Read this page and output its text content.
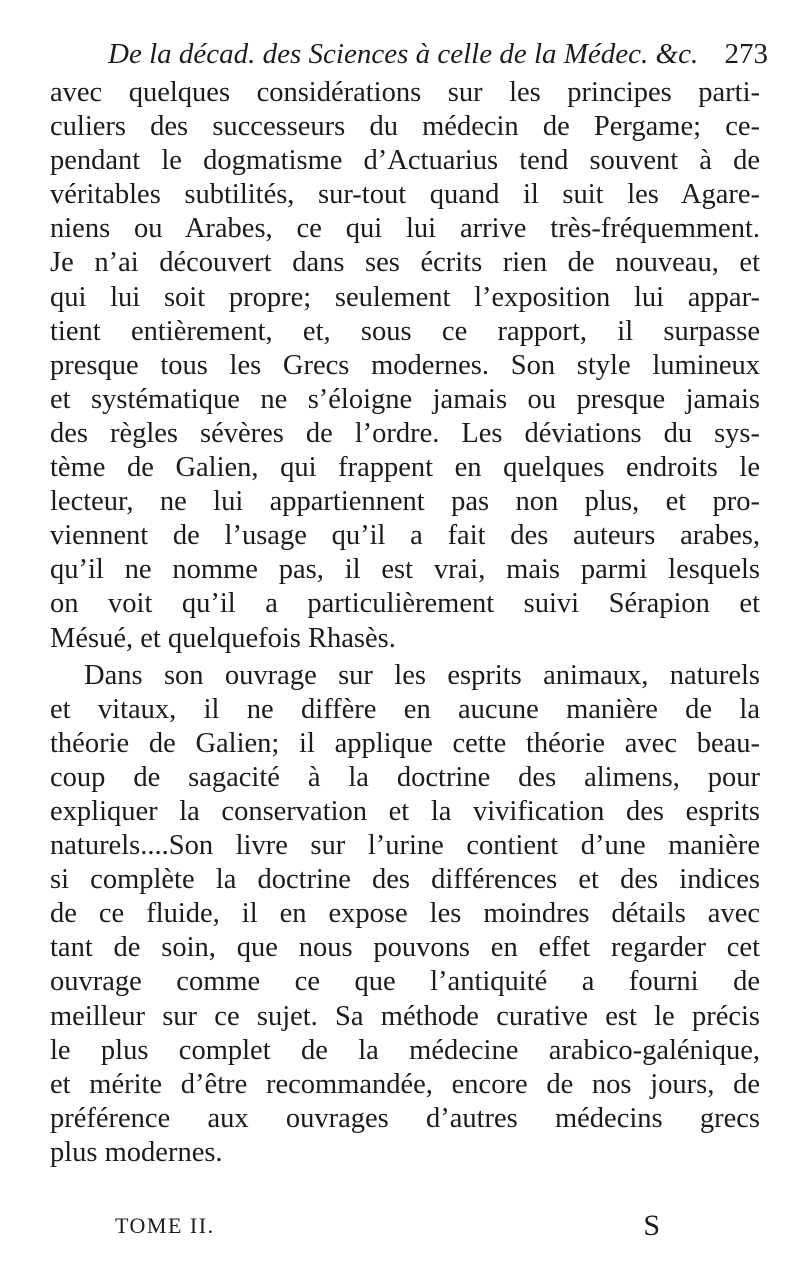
De la décad. des Sciences à celle de la Médec. &c. 273
avec quelques considérations sur les principes parti-
culiers des successeurs du médecin de Pergame; ce-
pendant le dogmatisme d’Actuarius tend souvent à de
véritables subtilités, sur-tout quand il suit les Agare-
niens ou Arabes, ce qui lui arrive très-fréquemment.
Je n’ai découvert dans ses écrits rien de nouveau, et
qui lui soit propre; seulement l’exposition lui appar-
tient entièrement, et, sous ce rapport, il surpasse
presque tous les Grecs modernes. Son style lumineux
et systématique ne s’éloigne jamais ou presque jamais
des règles sévères de l’ordre. Les déviations du sys-
tème de Galien, qui frappent en quelques endroits le
lecteur, ne lui appartiennent pas non plus, et pro-
viennent de l’usage qu’il a fait des auteurs arabes,
qu’il ne nomme pas, il est vrai, mais parmi lesquels
on voit qu’il a particulièrement suivi Sérapion et
Mésué, et quelquefois Rhasès.
Dans son ouvrage sur les esprits animaux, naturels
et vitaux, il ne diffère en aucune manière de la
théorie de Galien; il applique cette théorie avec beau-
coup de sagacité à la doctrine des alimens, pour
expliquer la conservation et la vivification des esprits
naturels....Son livre sur l’urine contient d’une manière
si complète la doctrine des différences et des indices
de ce fluide, il en expose les moindres détails avec
tant de soin, que nous pouvons en effet regarder cet
ouvrage comme ce que l’antiquité a fourni de
meilleur sur ce sujet. Sa méthode curative est le précis
le plus complet de la médecine arabico-galénique,
et mérite d’être recommandée, encore de nos jours, de
préférence aux ouvrages d’autres médecins grecs
plus modernes.
TOME II.	S
